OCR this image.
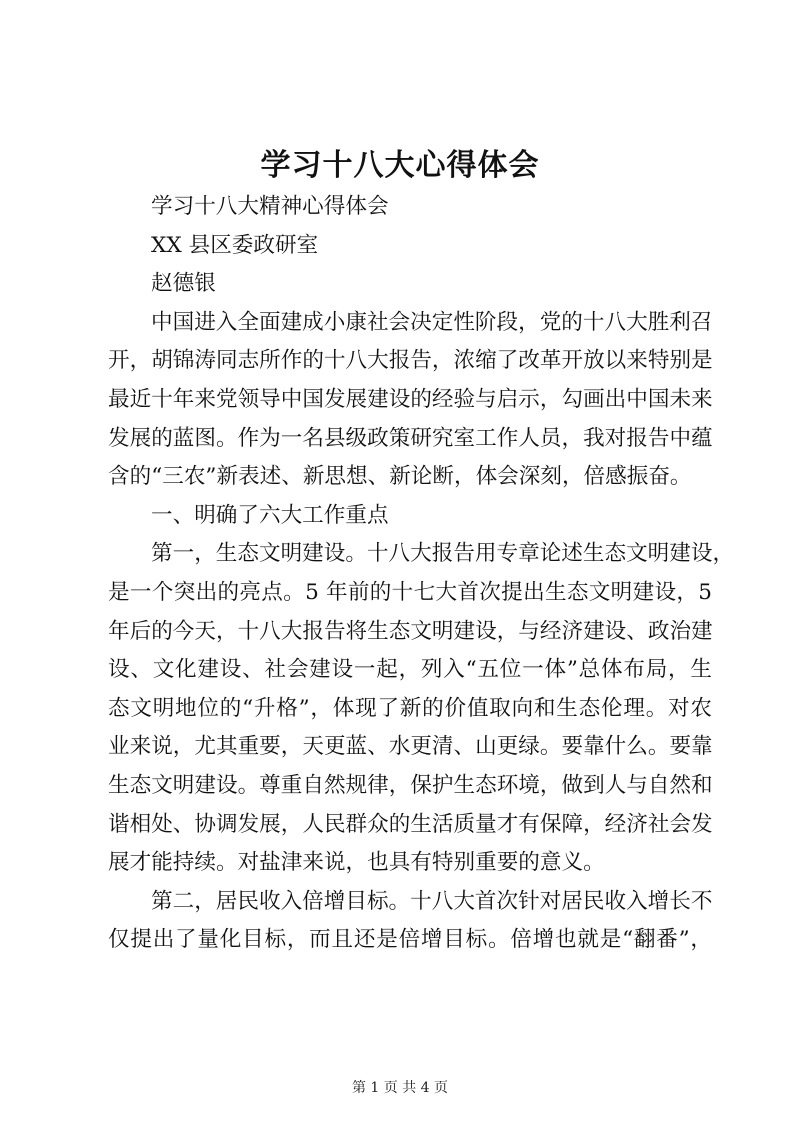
学习十八大心得体会
学习十八大精神心得体会
XX 县区委政研室
赵德银
中国进入全面建成小康社会决定性阶段，党的十八大胜利召
开，胡锦涛同志所作的十八大报告，浓缩了改革开放以来特别是
最近十年来党领导中国发展建设的经验与启示，勾画出中国未来
发展的蓝图。作为一名县级政策研究室工作人员，我对报告中蕴
含的“三农”新表述、新思想、新论断，体会深刻，倍感振奋。
一、明确了六大工作重点
第一，生态文明建设。十八大报告用专章论述生态文明建设，
是一个突出的亮点。5 年前的十七大首次提出生态文明建设，5
年后的今天，十八大报告将生态文明建设，与经济建设、政治建
设、文化建设、社会建设一起，列入“五位一体”总体布局，生
态文明地位的“升格”，体现了新的价值取向和生态伦理。对农
业来说，尤其重要，天更蓝、水更清、山更绿。要靠什么。要靠
生态文明建设。尊重自然规律，保护生态环境，做到人与自然和
谐相处、协调发展，人民群众的生活质量才有保障，经济社会发
展才能持续。对盐津来说，也具有特别重要的意义。
第二，居民收入倍增目标。十八大首次针对居民收入增长不
仅提出了量化目标，而且还是倍增目标。倍增也就是“翻番”，
第 1 页 共 4 页
